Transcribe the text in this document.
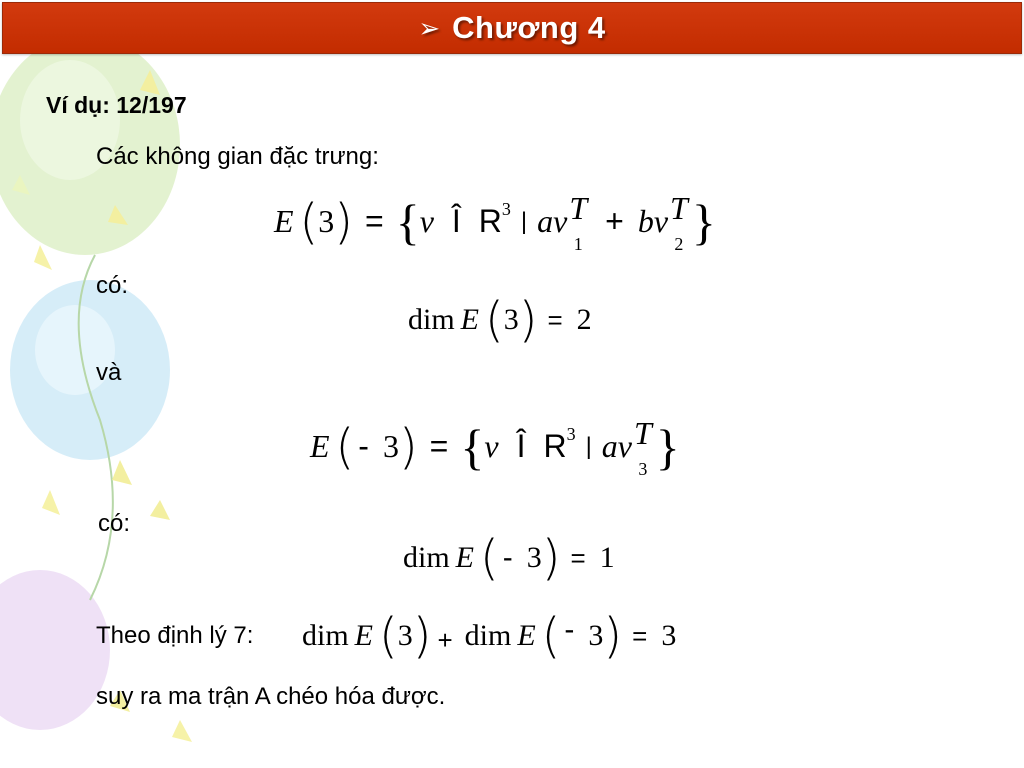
➢ Chương 4
Ví dụ: 12/197
Các không gian đặc trưng:
E ( 3 ) = { v Î R 3 | av T
1
+ bv T
2 }
có:
dim E ( 3 ) = 2
và
E ( - 3 ) = { v Î R 3 | av T
3 }
có:
dim E ( - 3 ) = 1
Theo định lý 7: dim E ( 3 ) + dim E ( - 3 ) = 3
suy ra ma trận A chéo hóa được.
